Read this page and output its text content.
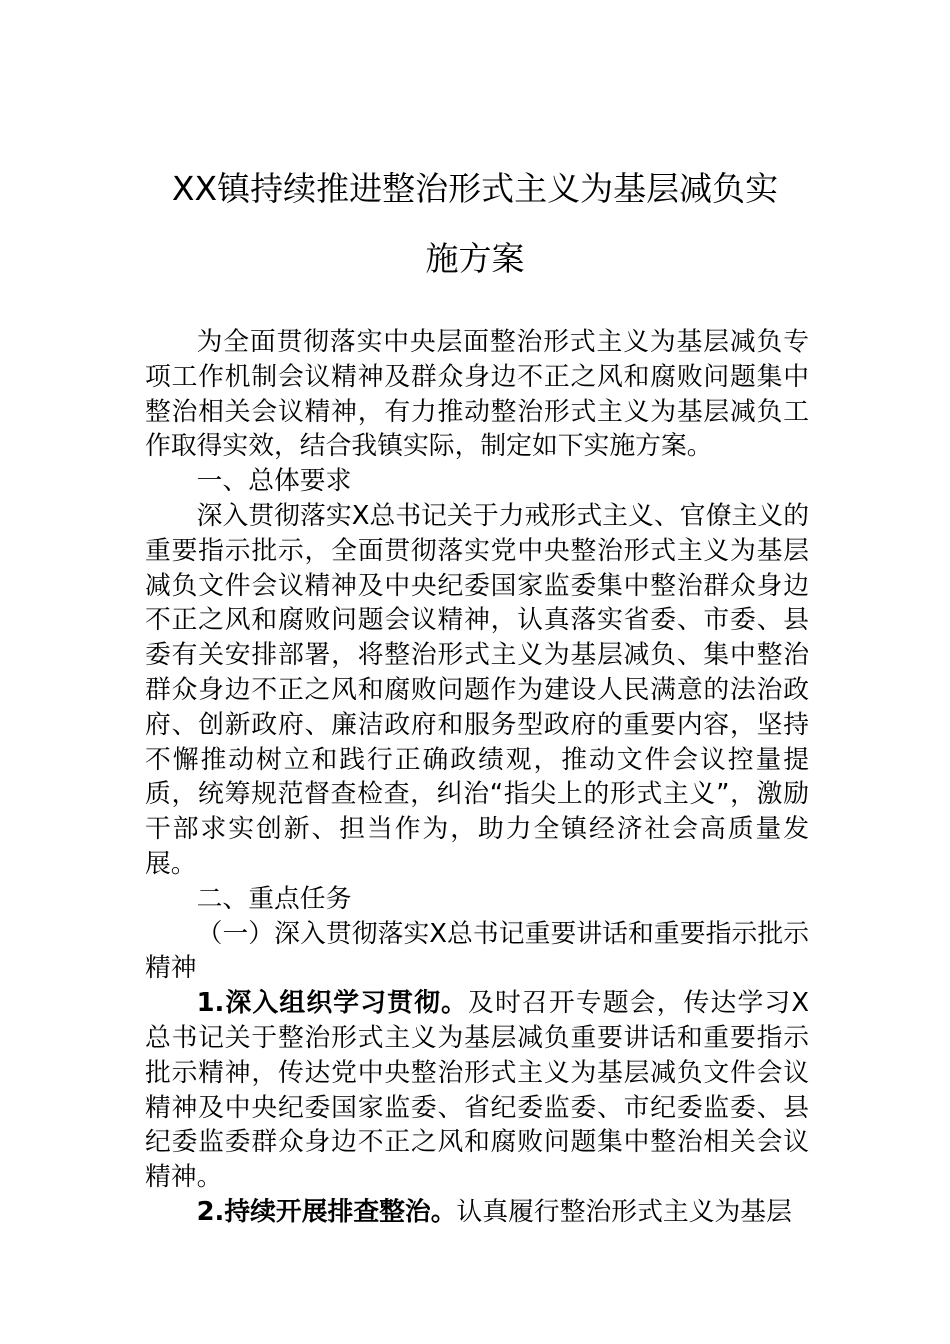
XX镇持续推进整治形式主义为基层减负实
施方案

为全面贯彻落实中央层面整治形式主义为基层减负专项工作机制会议精神及群众身边不正之风和腐败问题集中整治相关会议精神，有力推动整治形式主义为基层减负工作取得实效，结合我镇实际，制定如下实施方案。

一、总体要求

深入贯彻落实X总书记关于力戒形式主义、官僚主义的重要指示批示，全面贯彻落实党中央整治形式主义为基层减负文件会议精神及中央纪委国家监委集中整治群众身边不正之风和腐败问题会议精神，认真落实省委、市委、县委有关安排部署，将整治形式主义为基层减负、集中整治群众身边不正之风和腐败问题作为建设人民满意的法治政府、创新政府、廉洁政府和服务型政府的重要内容，坚持不懈推动树立和践行正确政绩观，推动文件会议控量提质，统筹规范督查检查，纠治“指尖上的形式主义”，激励干部求实创新、担当作为，助力全镇经济社会高质量发展。

二、重点任务

（一）深入贯彻落实X总书记重要讲话和重要指示批示精神

1.深入组织学习贯彻。及时召开专题会，传达学习X总书记关于整治形式主义为基层减负重要讲话和重要指示批示精神，传达党中央整治形式主义为基层减负文件会议精神及中央纪委国家监委、省纪委监委、市纪委监委、县纪委监委群众身边不正之风和腐败问题集中整治相关会议精神。

2.持续开展排查整治。认真履行整治形式主义为基层
